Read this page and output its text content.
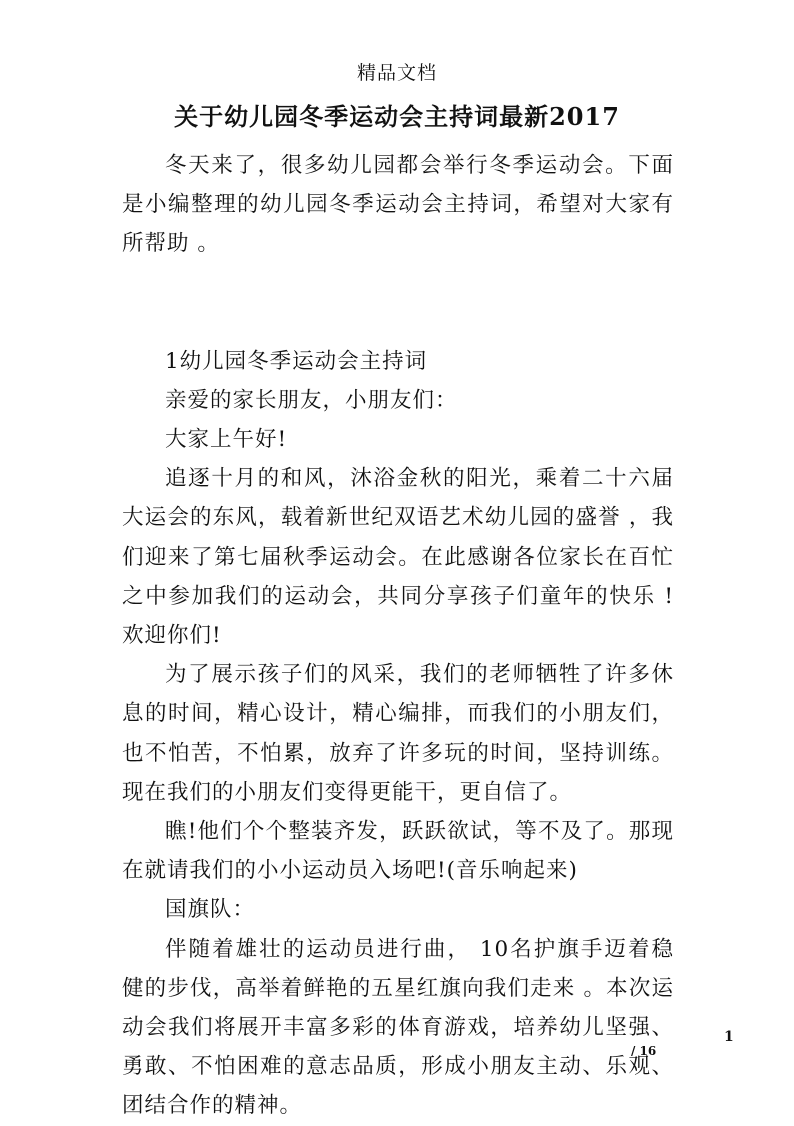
精品文档
关于幼儿园冬季运动会主持词最新2017

冬天来了，很多幼儿园都会举行冬季运动会。下面是小编整理的幼儿园冬季运动会主持词，希望对大家有所帮助 。

1幼儿园冬季运动会主持词

亲爱的家长朋友，小朋友们：

大家上午好!

追逐十月的和风，沐浴金秋的阳光，乘着二十六届大运会的东风，载着新世纪双语艺术幼儿园的盛誉 ，我们迎来了第七届秋季运动会。在此感谢各位家长在百忙之中参加我们的运动会，共同分享孩子们童年的快乐 !欢迎你们!

为了展示孩子们的风采，我们的老师牺牲了许多休息的时间，精心设计，精心编排，而我们的小朋友们，也不怕苦，不怕累，放弃了许多玩的时间，坚持训练。现在我们的小朋友们变得更能干，更自信了。

瞧!他们个个整装齐发，跃跃欲试，等不及了。那现在就请我们的小小运动员入场吧!(音乐响起来)

国旗队：

伴随着雄壮的运动员进行曲， 10名护旗手迈着稳健的步伐，高举着鲜艳的五星红旗向我们走来 。本次运动会我们将展开丰富多彩的体育游戏，培养幼儿坚强、勇敢、不怕困难的意志品质，形成小朋友主动、乐观、团结合作的精神。

1
/ 16
